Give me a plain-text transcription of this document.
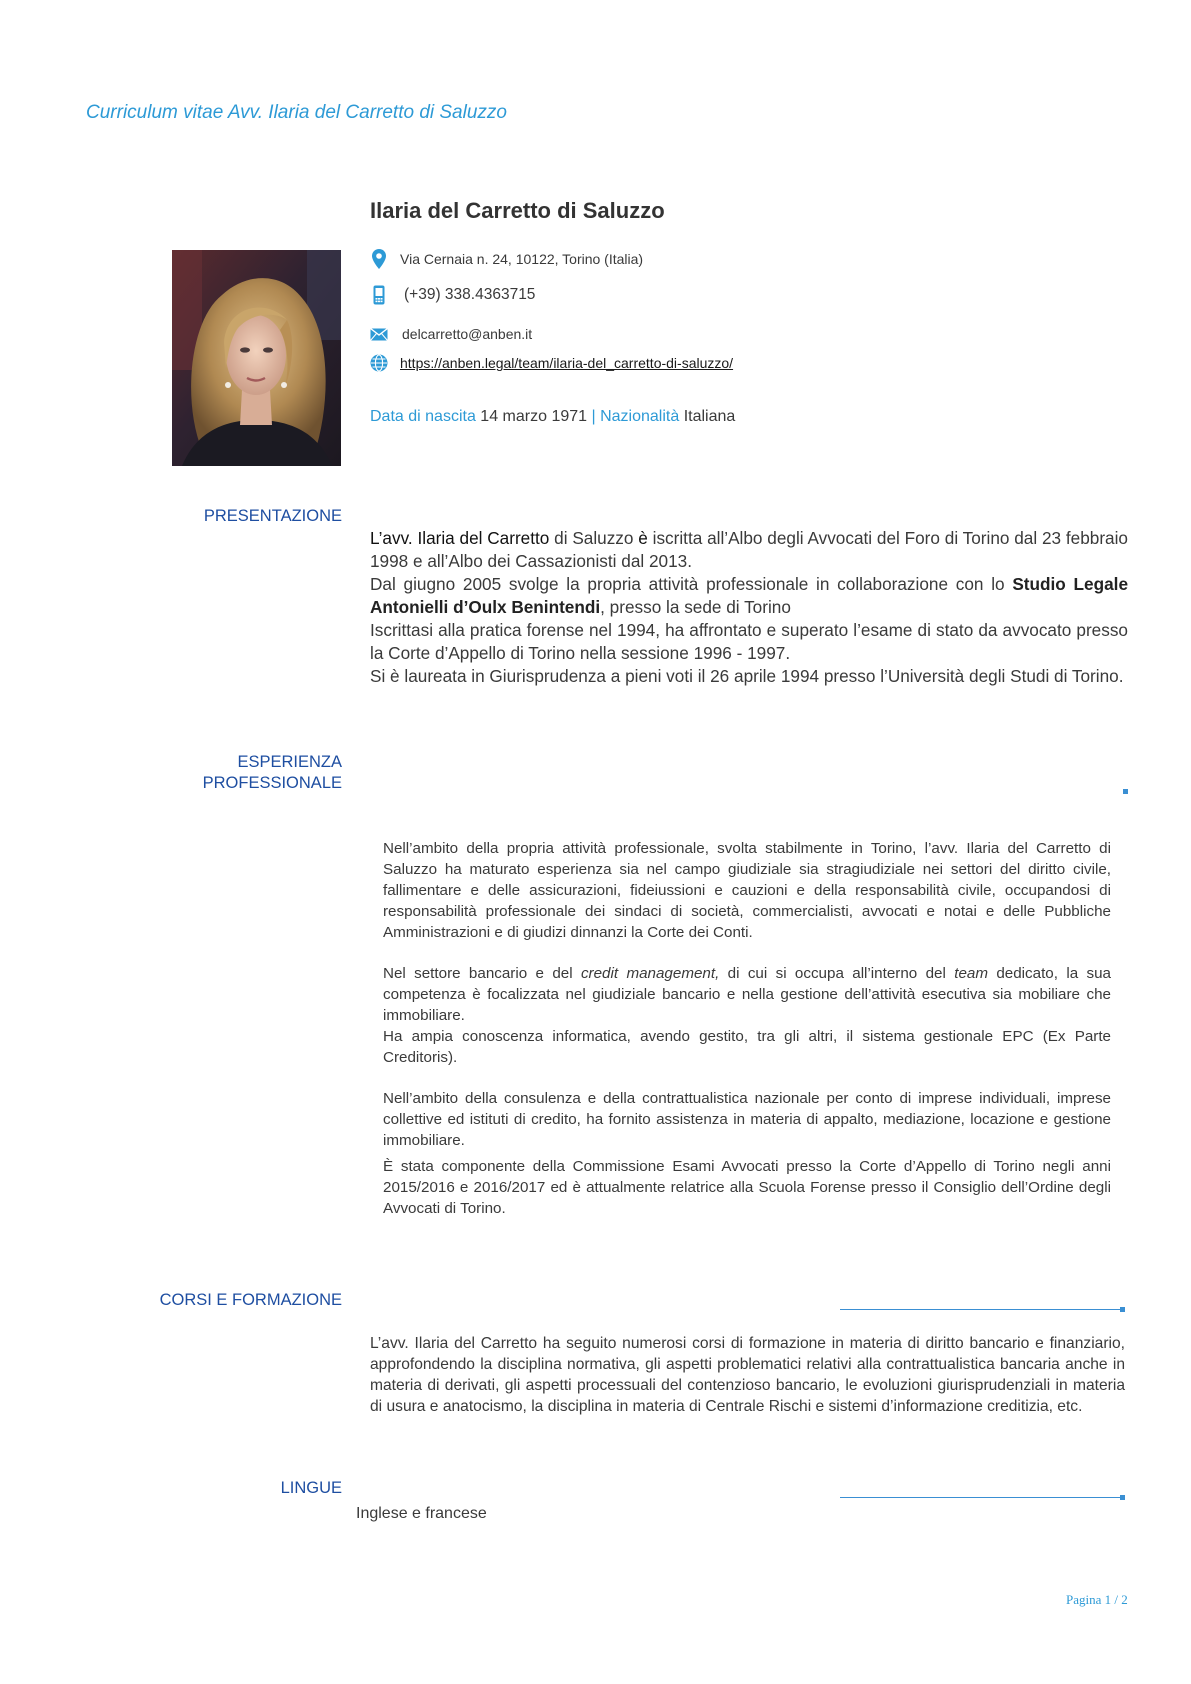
Curriculum vitae Avv. Ilaria del Carretto di Saluzzo
Ilaria del Carretto di Saluzzo
Via Cernaia n. 24, 10122, Torino (Italia)
(+39) 338.4363715
delcarretto@anben.it
https://anben.legal/team/ilaria-del_carretto-di-saluzzo/
Data di nascita 14 marzo 1971 | Nazionalità Italiana
PRESENTAZIONE

L’avv. Ilaria del Carretto di Saluzzo è iscritta all’Albo degli Avvocati del Foro di Torino dal 23 febbraio 1998 e all’Albo dei Cassazionisti dal 2013.

Dal giugno 2005 svolge la propria attività professionale in collaborazione con lo Studio Legale Antonielli d’Oulx Benintendi, presso la sede di Torino

Iscrittasi alla pratica forense nel 1994, ha affrontato e superato l’esame di stato da avvocato presso la Corte d’Appello di Torino nella sessione 1996 - 1997.

Si è laureata in Giurisprudenza a pieni voti il 26 aprile 1994 presso l’Università degli Studi di Torino.

ESPERIENZA
PROFESSIONALE

Nell’ambito della propria attività professionale, svolta stabilmente in Torino, l’avv. Ilaria del Carretto di Saluzzo ha maturato esperienza sia nel campo giudiziale sia stragiudiziale nei settori del diritto civile, fallimentare e delle assicurazioni, fideiussioni e cauzioni e della responsabilità civile, occupandosi di responsabilità professionale dei sindaci di società, commercialisti, avvocati e notai e delle Pubbliche Amministrazioni e di giudizi dinnanzi la Corte dei Conti.

Nel settore bancario e del credit management, di cui si occupa all’interno del team dedicato, la sua competenza è focalizzata nel giudiziale bancario e nella gestione dell’attività esecutiva sia mobiliare che immobiliare.

Ha ampia conoscenza informatica, avendo gestito, tra gli altri, il sistema gestionale EPC (Ex Parte Creditoris).

Nell’ambito della consulenza e della contrattualistica nazionale per conto di imprese individuali, imprese collettive ed istituti di credito, ha fornito assistenza in materia di appalto, mediazione, locazione e gestione immobiliare.

È stata componente della Commissione Esami Avvocati presso la Corte d’Appello di Torino negli anni 2015/2016 e 2016/2017 ed è attualmente relatrice alla Scuola Forense presso il Consiglio dell’Ordine degli Avvocati di Torino.

CORSI E FORMAZIONE
L’avv. Ilaria del Carretto ha seguito numerosi corsi di formazione in materia di diritto bancario e finanziario, approfondendo la disciplina normativa, gli aspetti problematici relativi alla contrattualistica bancaria anche in materia di derivati, gli aspetti processuali del contenzioso bancario, le evoluzioni giurisprudenziali in materia di usura e anatocismo, la disciplina in materia di Centrale Rischi e sistemi d’informazione creditizia, etc.
LINGUE
Inglese e francese
Pagina 1 / 2
